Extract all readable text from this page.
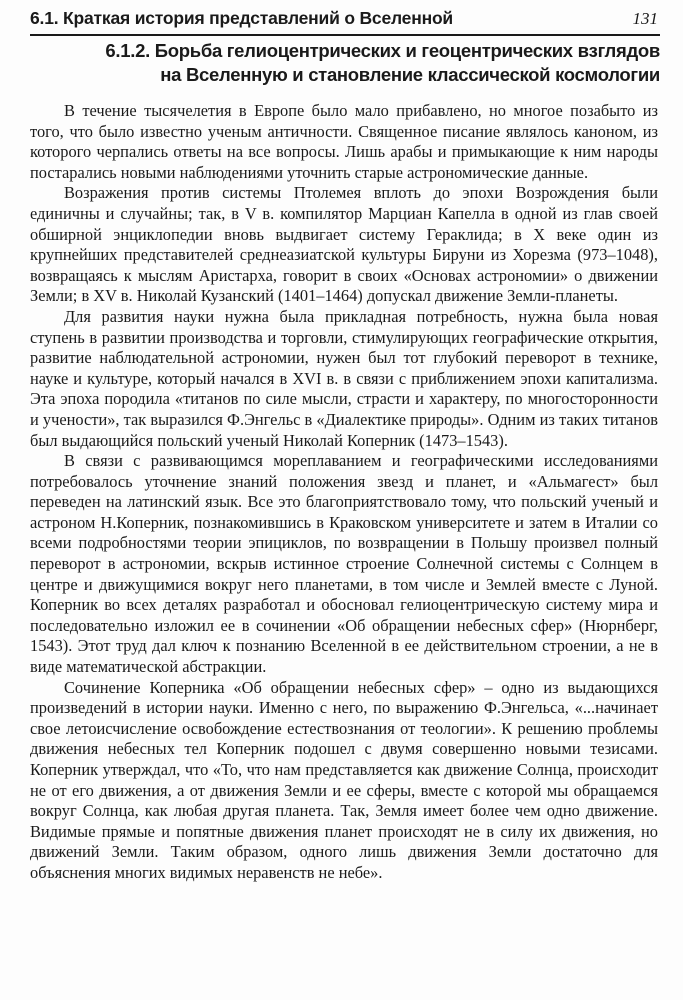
6.1. Краткая история представлений о Вселенной	131
6.1.2. Борьба гелиоцентрических и геоцентрических взглядов
на Вселенную и становление классической космологии

В течение тысячелетия в Европе было мало прибавлено, но многое позабыто из того, что было известно ученым античности. Священное писание являлось каноном, из которого черпались ответы на все вопросы. Лишь арабы и примыкающие к ним народы постарались новыми наблюдениями уточнить старые астрономические данные.

Возражения против системы Птолемея вплоть до эпохи Возрождения были единичны и случайны; так, в V в. компилятор Марциан Капелла в одной из глав своей обширной энциклопедии вновь выдвигает систему Гераклида; в X веке один из крупнейших представителей среднеазиатской культуры Бируни из Хорезма (973–1048), возвращаясь к мыслям Аристарха, говорит в своих «Основах астрономии» о движении Земли; в XV в. Николай Кузанский (1401–1464) допускал движение Земли-планеты.

Для развития науки нужна была прикладная потребность, нужна была новая ступень в развитии производства и торговли, стимулирующих географические открытия, развитие наблюдательной астрономии, нужен был тот глубокий переворот в технике, науке и культуре, который начался в XVI в. в связи с приближением эпохи капитализма. Эта эпоха породила «титанов по силе мысли, страсти и характеру, по многосторонности и учености», так выразился Ф.Энгельс в «Диалектике природы». Одним из таких титанов был выдающийся польский ученый Николай Коперник (1473–1543).

В связи с развивающимся мореплаванием и географическими исследованиями потребовалось уточнение знаний положения звезд и планет, и «Альмагест» был переведен на латинский язык. Все это благоприятствовало тому, что польский ученый и астроном Н.Коперник, познакомившись в Краковском университете и затем в Италии со всеми подробностями теории эпициклов, по возвращении в Польшу произвел полный переворот в астрономии, вскрыв истинное строение Солнечной системы с Солнцем в центре и движущимися вокруг него планетами, в том числе и Землей вместе с Луной. Коперник во всех деталях разработал и обосновал гелиоцентрическую систему мира и последовательно изложил ее в сочинении «Об обращении небесных сфер» (Нюрнберг, 1543). Этот труд дал ключ к познанию Вселенной в ее действительном строении, а не в виде математической абстракции.

Сочинение Коперника «Об обращении небесных сфер» – одно из выдающихся произведений в истории науки. Именно с него, по выражению Ф.Энгельса, «...начинает свое летоисчисление освобождение естествознания от теологии». К решению проблемы движения небесных тел Коперник подошел с двумя совершенно новыми тезисами. Коперник утверждал, что «То, что нам представляется как движение Солнца, происходит не от его движения, а от движения Земли и ее сферы, вместе с которой мы обращаемся вокруг Солнца, как любая другая планета. Так, Земля имеет более чем одно движение. Видимые прямые и попятные движения планет происходят не в силу их движения, но движений Земли. Таким образом, одного лишь движения Земли достаточно для объяснения многих видимых неравенств не небе».
